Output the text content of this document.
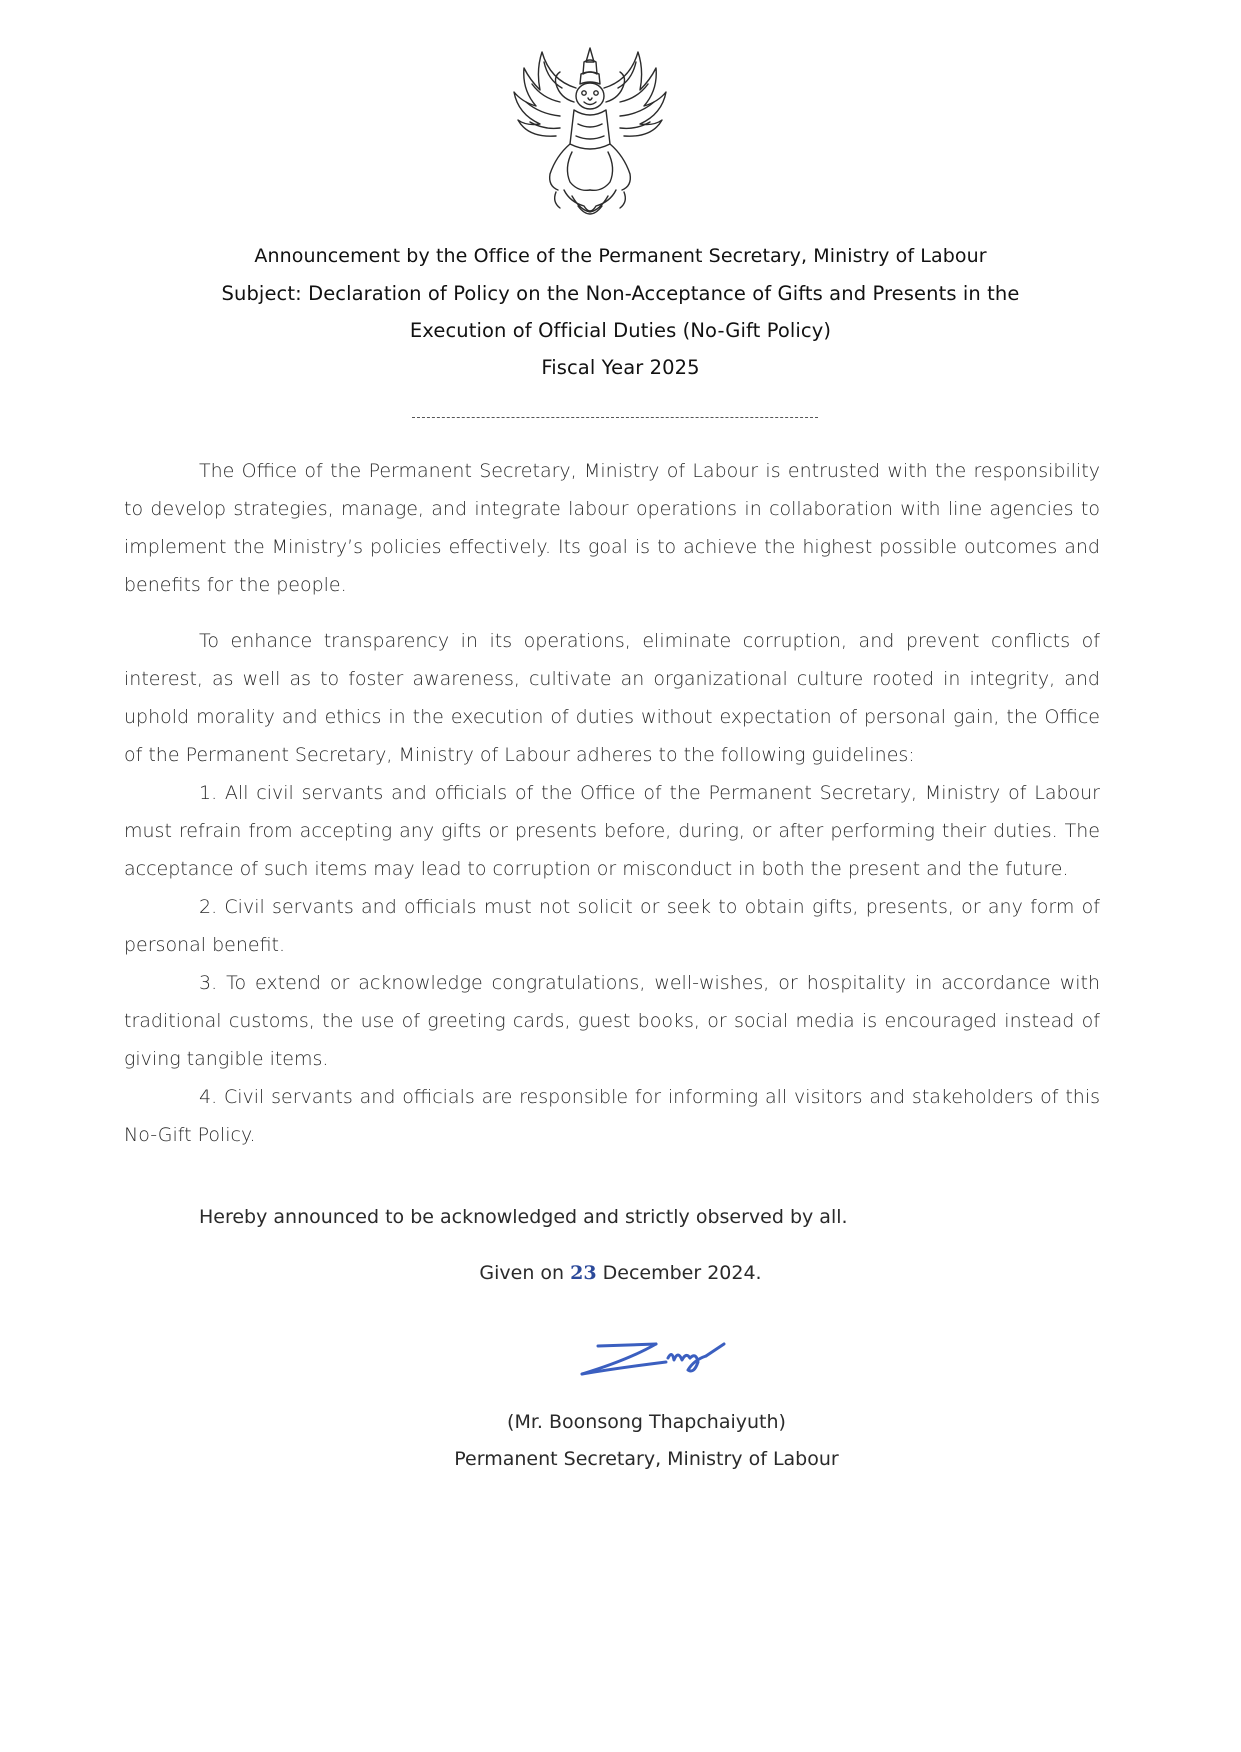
Announcement by the Office of the Permanent Secretary, Ministry of Labour
Subject: Declaration of Policy on the Non-Acceptance of Gifts and Presents in the
Execution of Official Duties (No-Gift Policy)
Fiscal Year 2025

The Office of the Permanent Secretary, Ministry of Labour is entrusted with the responsibility to develop strategies, manage, and integrate labour operations in collaboration with line agencies to implement the Ministry’s policies effectively. Its goal is to achieve the highest possible outcomes and benefits for the people.

To enhance transparency in its operations, eliminate corruption, and prevent conflicts of interest, as well as to foster awareness, cultivate an organizational culture rooted in integrity, and uphold morality and ethics in the execution of duties without expectation of personal gain, the Office of the Permanent Secretary, Ministry of Labour adheres to the following guidelines:

1. All civil servants and officials of the Office of the Permanent Secretary, Ministry of Labour must refrain from accepting any gifts or presents before, during, or after performing their duties. The acceptance of such items may lead to corruption or misconduct in both the present and the future.

2. Civil servants and officials must not solicit or seek to obtain gifts, presents, or any form of personal benefit.

3. To extend or acknowledge congratulations, well-wishes, or hospitality in accordance with traditional customs, the use of greeting cards, guest books, or social media is encouraged instead of giving tangible items.

4. Civil servants and officials are responsible for informing all visitors and stakeholders of this No-Gift Policy.

Hereby announced to be acknowledged and strictly observed by all.
Given on 23 December 2024.
(Mr. Boonsong Thapchaiyuth)
Permanent Secretary, Ministry of Labour
